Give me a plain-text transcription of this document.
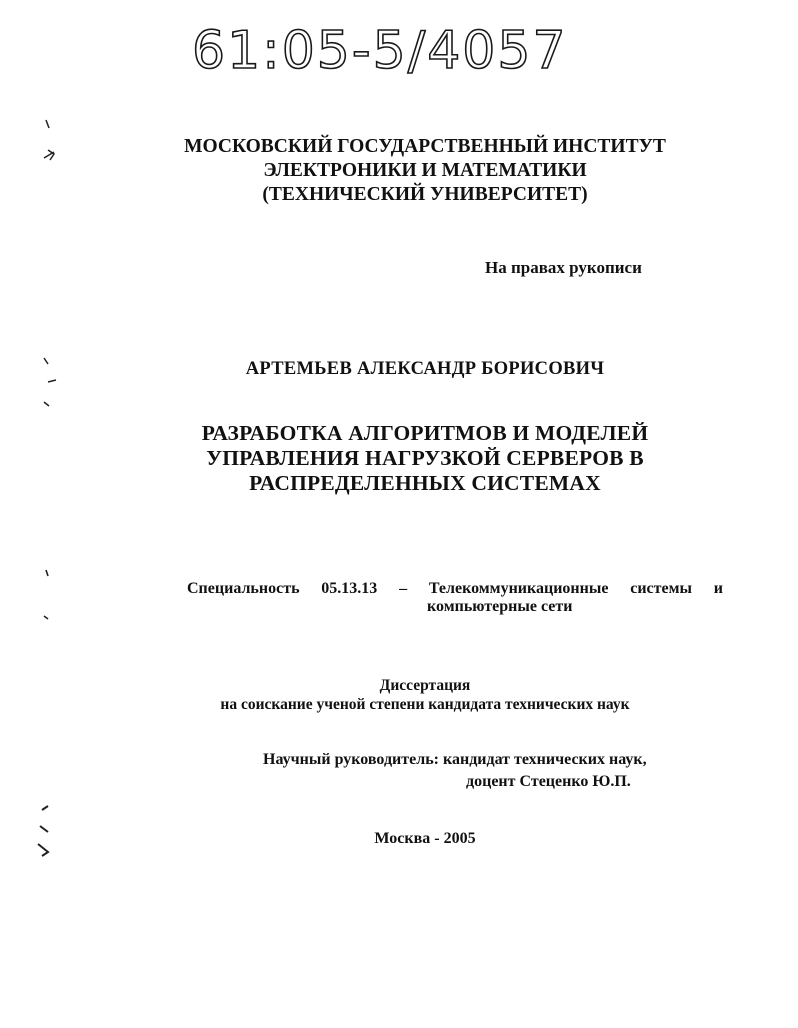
61:05-5/4057
МОСКОВСКИЙ ГОСУДАРСТВЕННЫЙ ИНСТИТУТ
ЭЛЕКТРОНИКИ И МАТЕМАТИКИ
(ТЕХНИЧЕСКИЙ УНИВЕРСИТЕТ)
На правах рукописи
АРТЕМЬЕВ АЛЕКСАНДР БОРИСОВИЧ
РАЗРАБОТКА АЛГОРИТМОВ И МОДЕЛЕЙ
УПРАВЛЕНИЯ НАГРУЗКОЙ СЕРВЕРОВ В
РАСПРЕДЕЛЕННЫХ СИСТЕМАХ
Специальность 05.13.13 – Телекоммуникационные системы и
компьютерные сети
Диссертация
на соискание ученой степени кандидата технических наук
Научный руководитель: кандидат технических наук,
доцент Стеценко Ю.П.
Москва - 2005
